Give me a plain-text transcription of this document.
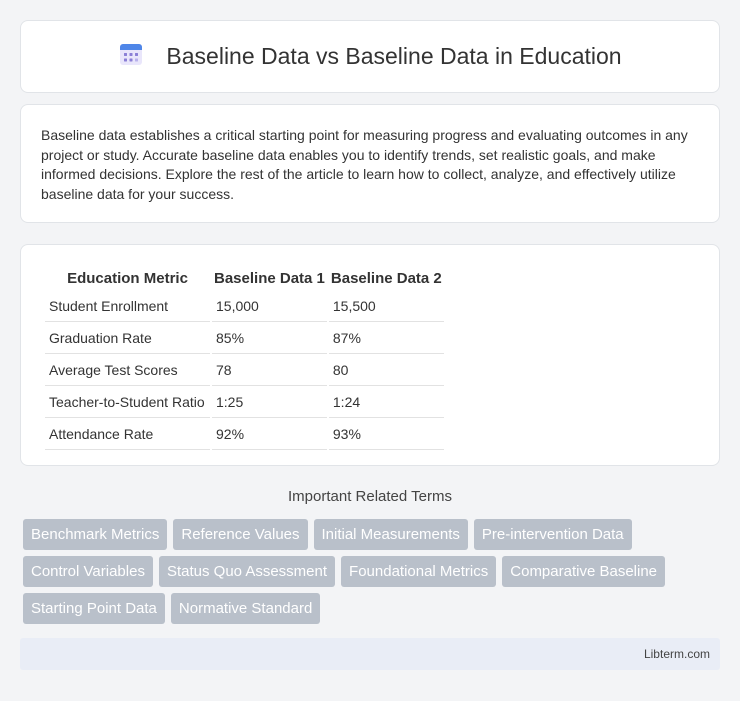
Baseline Data vs Baseline Data in Education

Baseline data establishes a critical starting point for measuring progress and evaluating outcomes in any project or study. Accurate baseline data enables you to identify trends, set realistic goals, and make informed decisions. Explore the rest of the article to learn how to collect, analyze, and effectively utilize baseline data for your success.

Education Metric	Baseline Data 1	Baseline Data 2
Student Enrollment	15,000	15,500
Graduation Rate	85%	87%
Average Test Scores	78	80
Teacher-to-Student Ratio	1:25	1:24
Attendance Rate	92%	93%
Important Related Terms
Benchmark Metrics	Reference Values	Initial Measurements	Pre-intervention Data
Control Variables	Status Quo Assessment	Foundational Metrics	Comparative Baseline
Starting Point Data	Normative Standard
Libterm.com
